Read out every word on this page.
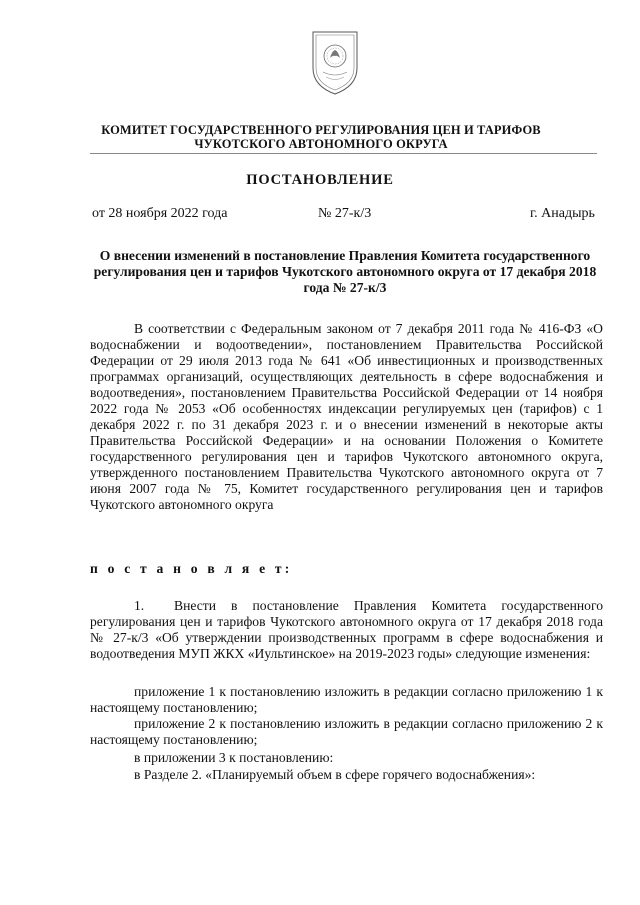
КОМИТЕТ ГОСУДАРСТВЕННОГО РЕГУЛИРОВАНИЯ ЦЕН И ТАРИФОВ
ЧУКОТСКОГО АВТОНОМНОГО ОКРУГА
ПОСТАНОВЛЕНИЕ
от 28 ноября 2022 года	№ 27-к/3	г. Анадырь
О внесении изменений в постановление Правления Комитета государственного регулирования цен и тарифов Чукотского автономного округа от 17 декабря 2018 года № 27-к/3

В соответствии с Федеральным законом от 7 декабря 2011 года № 416-ФЗ «О водоснабжении и водоотведении», постановлением Правительства Российской Федерации от 29 июля 2013 года № 641 «Об инвестиционных и производственных программах организаций, осуществляющих деятельность в сфере водоснабжения и водоотведения», постановлением Правительства Российской Федерации от 14 ноября 2022 года № 2053 «Об особенностях индексации регулируемых цен (тарифов) с 1 декабря 2022 г. по 31 декабря 2023 г. и о внесении изменений в некоторые акты Правительства Российской Федерации» и на основании Положения о Комитете государственного регулирования цен и тарифов Чукотского автономного округа, утвержденного постановлением Правительства Чукотского автономного округа от 7 июня 2007 года № 75, Комитет государственного регулирования цен и тарифов Чукотского автономного округа

п о с т а н о в л я е т:

1. Внести в постановление Правления Комитета государственного регулирования цен и тарифов Чукотского автономного округа от 17 декабря 2018 года № 27-к/3 «Об утверждении производственных программ в сфере водоснабжения и водоотведения МУП ЖКХ «Иультинское» на 2019-2023 годы» следующие изменения:

приложение 1 к постановлению изложить в редакции согласно приложению 1 к настоящему постановлению;

приложение 2 к постановлению изложить в редакции согласно приложению 2 к настоящему постановлению;

в приложении 3 к постановлению:

в Разделе 2. «Планируемый объем в сфере горячего водоснабжения»:
